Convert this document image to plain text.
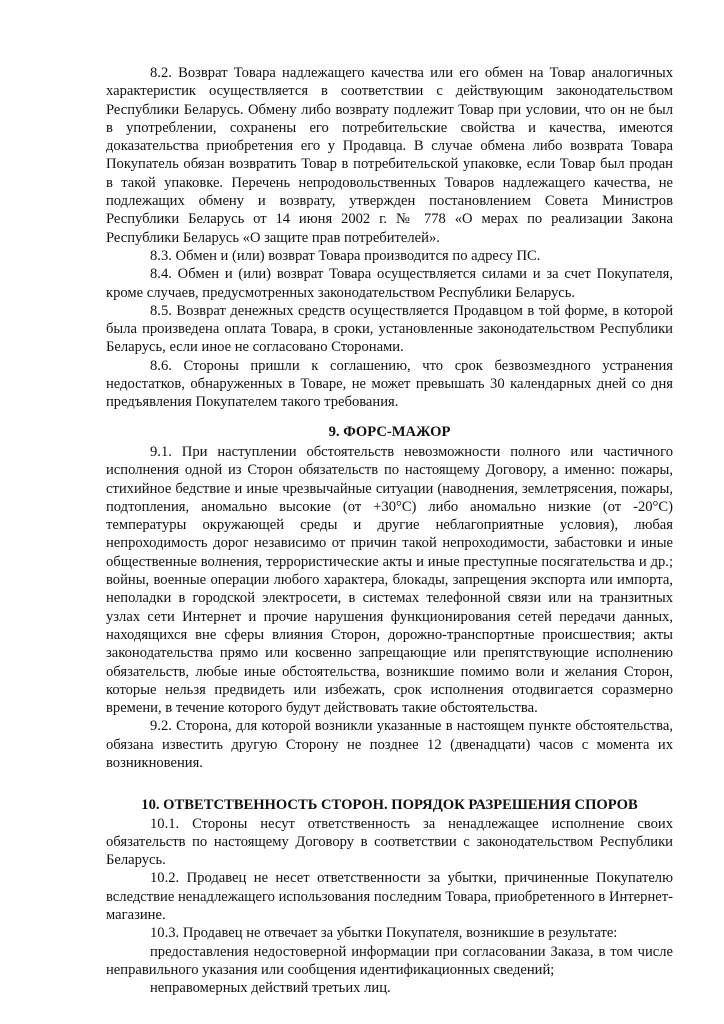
8.2. Возврат Товара надлежащего качества или его обмен на Товар аналогичных характеристик осуществляется в соответствии с действующим законодательством Республики Беларусь. Обмену либо возврату подлежит Товар при условии, что он не был в употреблении, сохранены его потребительские свойства и качества, имеются доказательства приобретения его у Продавца. В случае обмена либо возврата Товара Покупатель обязан возвратить Товар в потребительской упаковке, если Товар был продан в такой упаковке. Перечень непродовольственных Товаров надлежащего качества, не подлежащих обмену и возврату, утвержден постановлением Совета Министров Республики Беларусь от 14 июня 2002 г. № 778 «О мерах по реализации Закона Республики Беларусь «О защите прав потребителей».

8.3. Обмен и (или) возврат Товара производится по адресу ПС.

8.4. Обмен и (или) возврат Товара осуществляется силами и за счет Покупателя, кроме случаев, предусмотренных законодательством Республики Беларусь.

8.5. Возврат денежных средств осуществляется Продавцом в той форме, в которой была произведена оплата Товара, в сроки, установленные законодательством Республики Беларусь, если иное не согласовано Сторонами.

8.6. Стороны пришли к соглашению, что срок безвозмездного устранения недостатков, обнаруженных в Товаре, не может превышать 30 календарных дней со дня предъявления Покупателем такого требования.

9. ФОРС-МАЖОР

9.1. При наступлении обстоятельств невозможности полного или частичного исполнения одной из Сторон обязательств по настоящему Договору, а именно: пожары, стихийное бедствие и иные чрезвычайные ситуации (наводнения, землетрясения, пожары, подтопления, аномально высокие (от +30°C) либо аномально низкие (от -20°C) температуры окружающей среды и другие неблагоприятные условия), любая непроходимость дорог независимо от причин такой непроходимости, забастовки и иные общественные волнения, террористические акты и иные преступные посягательства и др.; войны, военные операции любого характера, блокады, запрещения экспорта или импорта, неполадки в городской электросети, в системах телефонной связи или на транзитных узлах сети Интернет и прочие нарушения функционирования сетей передачи данных, находящихся вне сферы влияния Сторон, дорожно-транспортные происшествия; акты законодательства прямо или косвенно запрещающие или препятствующие исполнению обязательств, любые иные обстоятельства, возникшие помимо воли и желания Сторон, которые нельзя предвидеть или избежать, срок исполнения отодвигается соразмерно времени, в течение которого будут действовать такие обстоятельства.

9.2. Сторона, для которой возникли указанные в настоящем пункте обстоятельства, обязана известить другую Сторону не позднее 12 (двенадцати) часов с момента их возникновения.

10. ОТВЕТСТВЕННОСТЬ СТОРОН. ПОРЯДОК РАЗРЕШЕНИЯ СПОРОВ

10.1. Стороны несут ответственность за ненадлежащее исполнение своих обязательств по настоящему Договору в соответствии с законодательством Республики Беларусь.

10.2. Продавец не несет ответственности за убытки, причиненные Покупателю вследствие ненадлежащего использования последним Товара, приобретенного в Интернет-магазине.

10.3. Продавец не отвечает за убытки Покупателя, возникшие в результате:

предоставления недостоверной информации при согласовании Заказа, в том числе неправильного указания или сообщения идентификационных сведений;

неправомерных действий третьих лиц.
